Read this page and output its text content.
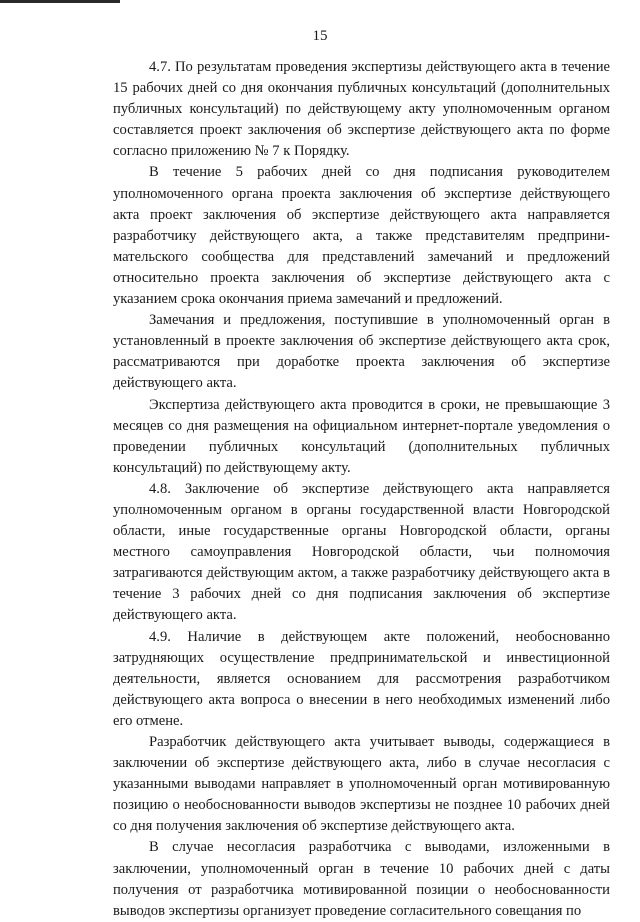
15

4.7. По результатам проведения экспертизы действующего акта в течение 15 рабочих дней со дня окончания публичных консультаций (дополнительных публичных консультаций) по действующему акту уполномоченным органом составляется проект заключения об экспертизе действующего акта по форме согласно приложению № 7 к Порядку.

В течение 5 рабочих дней со дня подписания руководителем уполномоченного органа проекта заключения об экспертизе действующего акта проект заключения об экспертизе действующего акта направляется разработчику действующего акта, а также представителям предпринимательского сообщества для представлений замечаний и предложений относительно проекта заключения об экспертизе действующего акта с указанием срока окончания приема замечаний и предложений.

Замечания и предложения, поступившие в уполномоченный орган в установленный в проекте заключения об экспертизе действующего акта срок, рассматриваются при доработке проекта заключения об экспертизе действующего акта.

Экспертиза действующего акта проводится в сроки, не превышающие 3 месяцев со дня размещения на официальном интернет-портале уведомления о проведении публичных консультаций (дополнительных публичных консультаций) по действующему акту.

4.8. Заключение об экспертизе действующего акта направляется уполномоченным органом в органы государственной власти Новгородской области, иные государственные органы Новгородской области, органы местного самоуправления Новгородской области, чьи полномочия затрагиваются действующим актом, а также разработчику действующего акта в течение 3 рабочих дней со дня подписания заключения об экспертизе действующего акта.

4.9. Наличие в действующем акте положений, необоснованно затрудняющих осуществление предпринимательской и инвестиционной деятельности, является основанием для рассмотрения разработчиком действующего акта вопроса о внесении в него необходимых изменений либо его отмене.

Разработчик действующего акта учитывает выводы, содержащиеся в заключении об экспертизе действующего акта, либо в случае несогласия с указанными выводами направляет в уполномоченный орган мотивированную позицию о необоснованности выводов экспертизы не позднее 10 рабочих дней со дня получения заключения об экспертизе действующего акта.

В случае несогласия разработчика с выводами, изложенными в заключении, уполномоченный орган в течение 10 рабочих дней с даты получения от разработчика мотивированной позиции о необоснованности выводов экспертизы организует проведение согласительного совещания по
